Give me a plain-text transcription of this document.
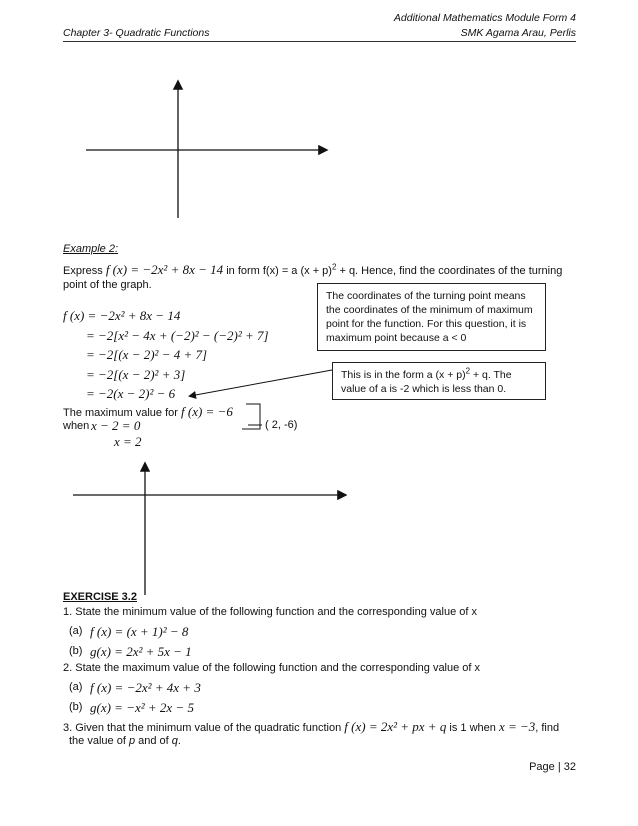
Additional Mathematics Module Form 4
Chapter 3- Quadratic Functions	SMK Agama Arau, Perlis
Example 2:
Express f (x) = −2x² + 8x − 14 in form f(x) = a $(x + p)^2 + q$. Hence, find the coordinates of the turning
point of the graph.
f (x) = −2x² + 8x − 14
= −2[x² − 4x + (−2)² − (−2)² + 7]
= −2[(x − 2)² − 4 + 7]
= −2[(x − 2)² + 3]
= −2(x − 2)² − 6
The maximum value for f (x) = −6
when x − 2 = 0
x = 2
( 2, -6)
The coordinates of the turning point means the coordinates of the minimum of maximum point for the function. For this question, it is maximum point because a < 0
This is in the form a $(x + p)^2 + q$. The value of a is -2 which is less than 0.
EXERCISE 3.2
1. State the minimum value of the following function and the corresponding value of x
(a) f (x) = (x + 1)² − 8
(b) g(x) = 2x² + 5x − 1
2. State the maximum value of the following function and the corresponding value of x
(a) f (x) = −2x² + 4x + 3
(b) g(x) = −x² + 2x − 5
3. Given that the minimum value of the quadratic function f (x) = 2x² + px + q is 1 when x = −3, find
the value of p and of q.
Page | 32
